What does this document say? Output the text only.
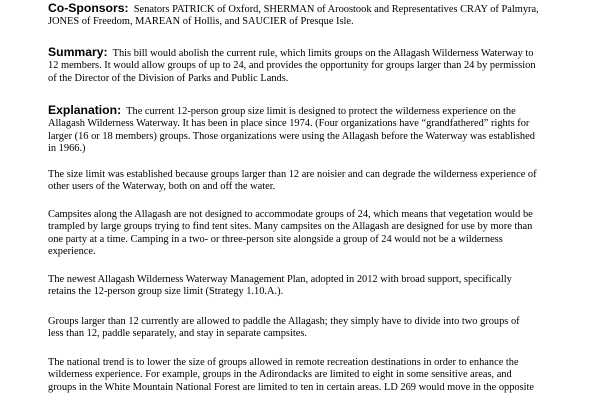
Co-Sponsors: Senators PATRICK of Oxford, SHERMAN of Aroostook and Representatives CRAY of Palmyra,
JONES of Freedom, MAREAN of Hollis, and SAUCIER of Presque Isle.

Summary: This bill would abolish the current rule, which limits groups on the Allagash Wilderness Waterway to
12 members. It would allow groups of up to 24, and provides the opportunity for groups larger than 24 by permission
of the Director of the Division of Parks and Public Lands.

Explanation: The current 12-person group size limit is designed to protect the wilderness experience on the
Allagash Wilderness Waterway. It has been in place since 1974. (Four organizations have “grandfathered” rights for
larger (16 or 18 members) groups. Those organizations were using the Allagash before the Waterway was established
in 1966.)

The size limit was established because groups larger than 12 are noisier and can degrade the wilderness experience of
other users of the Waterway, both on and off the water.

Campsites along the Allagash are not designed to accommodate groups of 24, which means that vegetation would be
trampled by large groups trying to find tent sites. Many campsites on the Allagash are designed for use by more than
one party at a time. Camping in a two- or three-person site alongside a group of 24 would not be a wilderness
experience.

The newest Allagash Wilderness Waterway Management Plan, adopted in 2012 with broad support, specifically
retains the 12-person group size limit (Strategy 1.10.A.).

Groups larger than 12 currently are allowed to paddle the Allagash; they simply have to divide into two groups of
less than 12, paddle separately, and stay in separate campsites.

The national trend is to lower the size of groups allowed in remote recreation destinations in order to enhance the
wilderness experience. For example, groups in the Adirondacks are limited to eight in some sensitive areas, and
groups in the White Mountain National Forest are limited to ten in certain areas. LD 269 would move in the opposite
